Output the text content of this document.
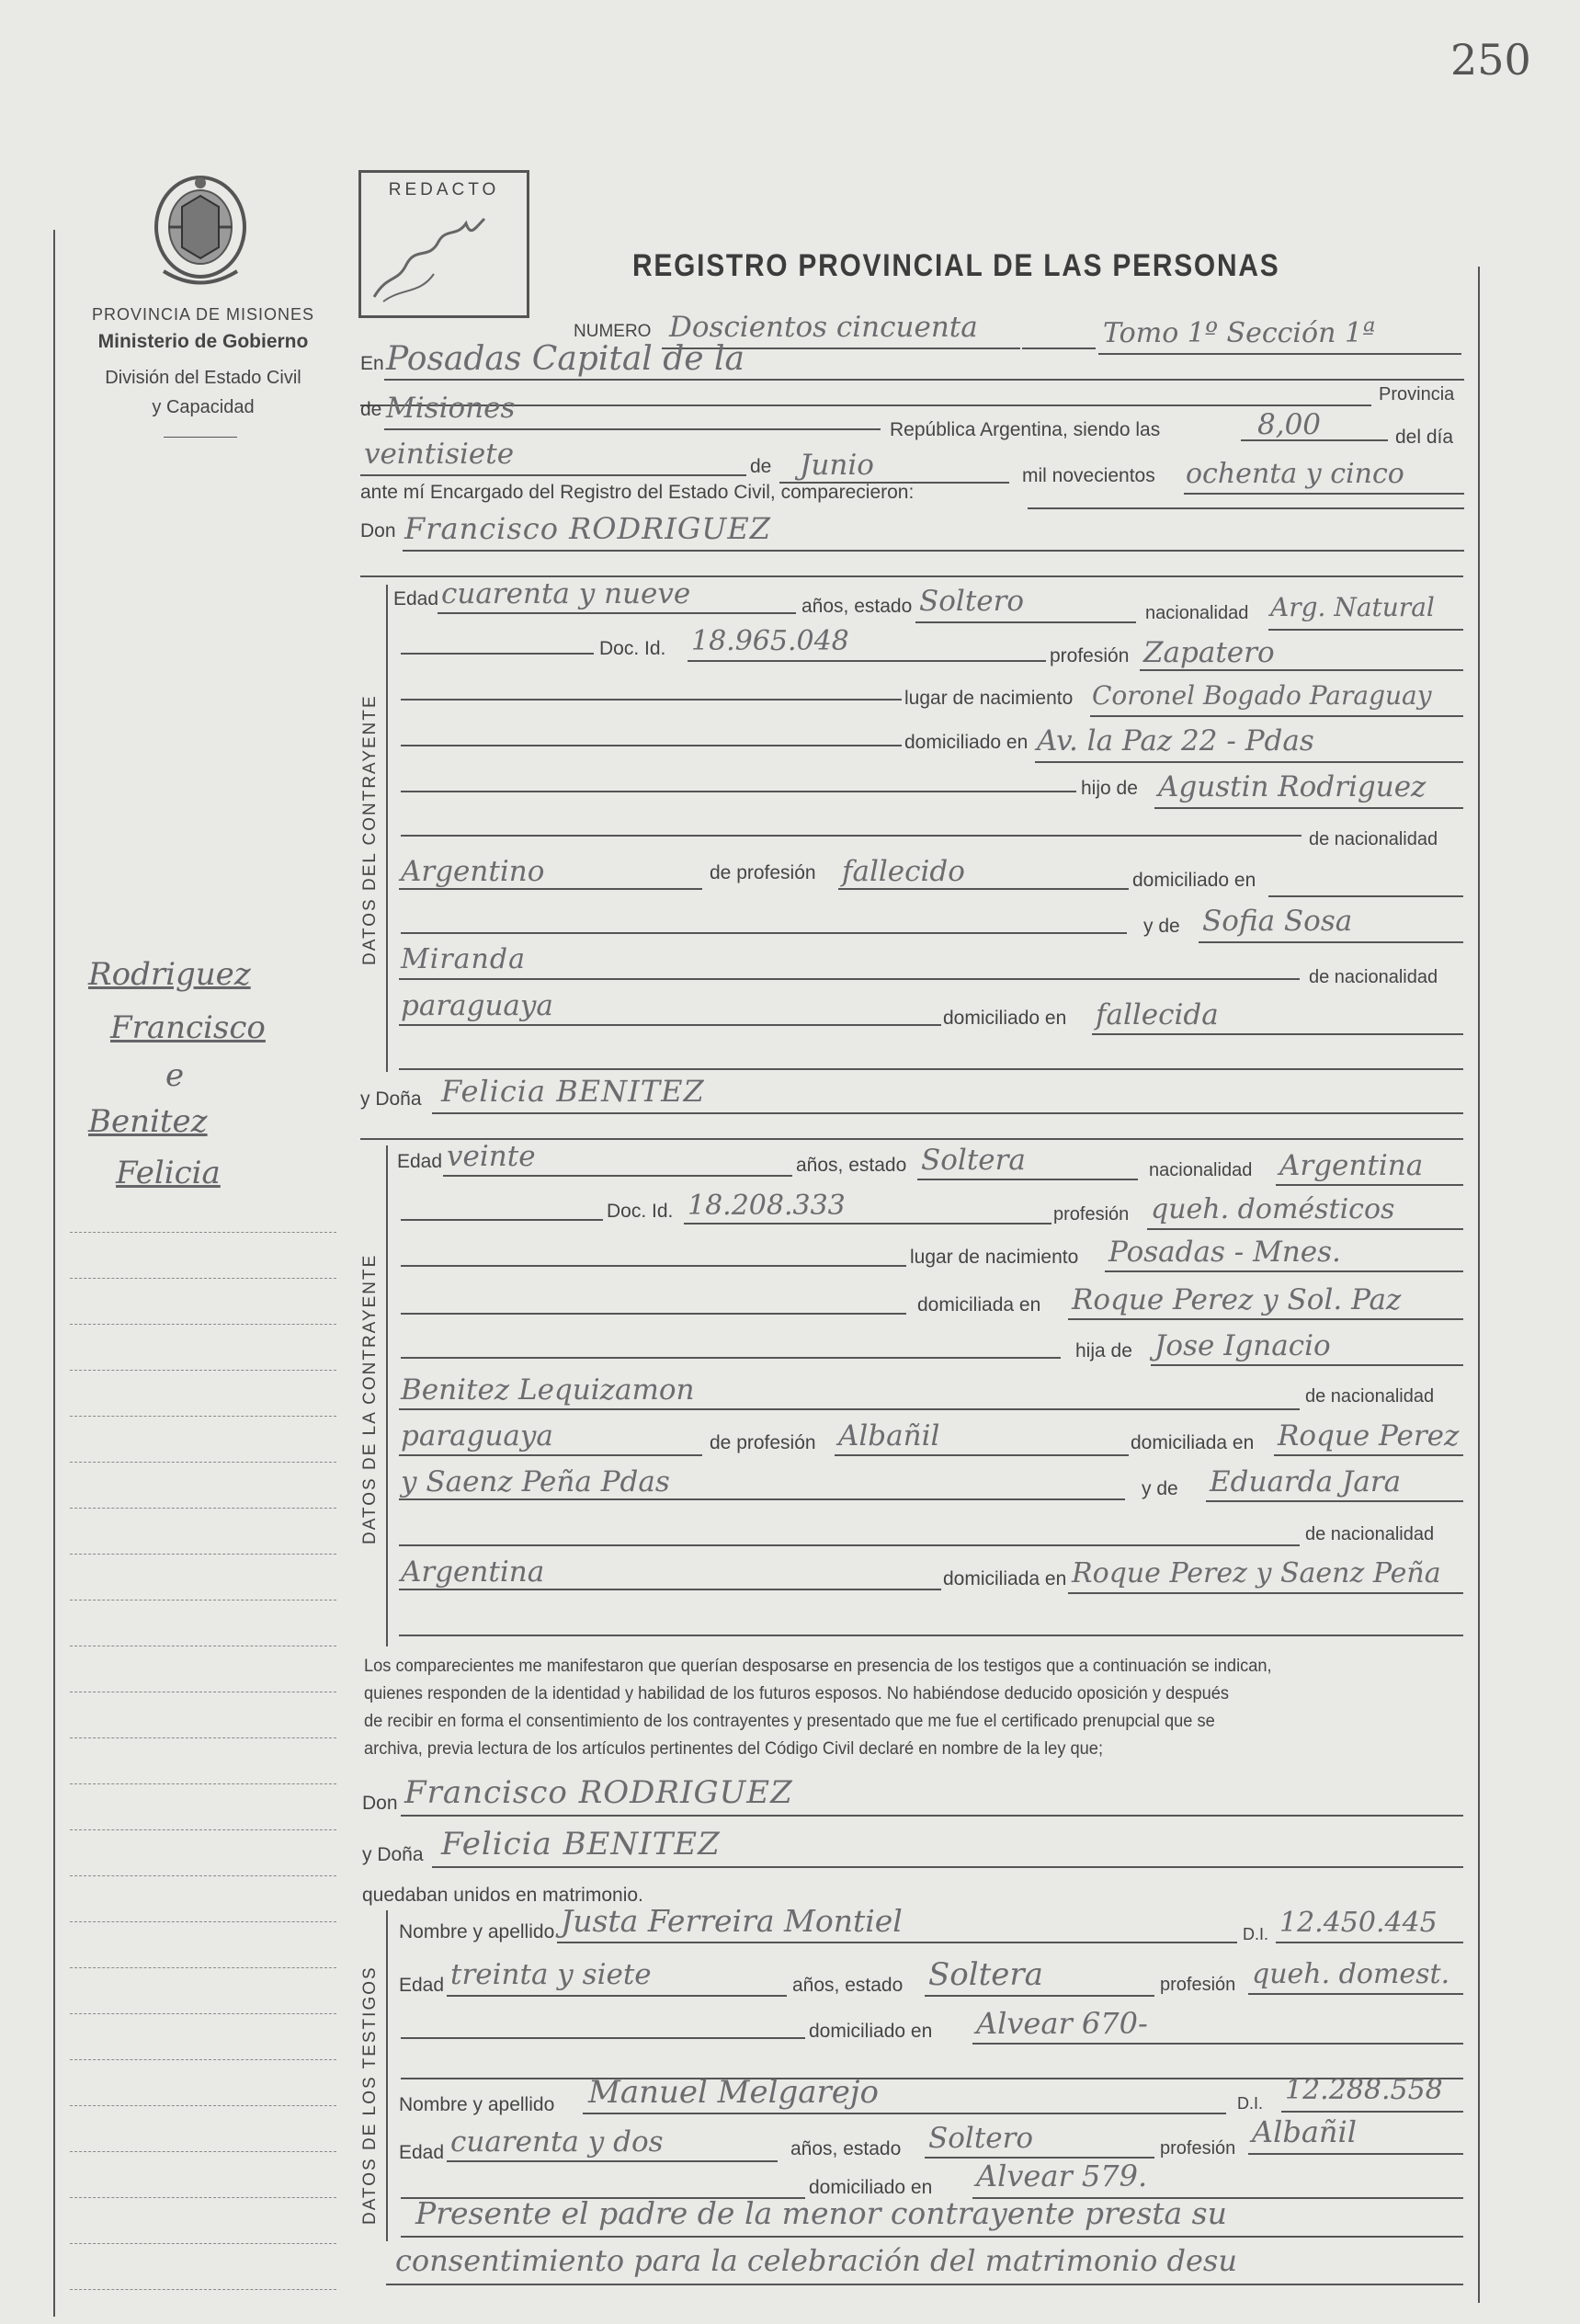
250
PROVINCIA DE MISIONES
Ministerio de Gobierno
División del Estado Civil
y Capacidad
Rodriguez
Francisco
e
Benitez
Felicia
REDACTO
REGISTRO PROVINCIAL DE LAS PERSONAS
NUMERO Doscientos cincuenta	Tomo 1º Sección 1ª
En Posadas Capital de la
Provincia
de Misiones
República Argentina, siendo las	8,00	del día
veintisiete	de Junio	mil novecientos ochenta y cinco
ante mí Encargado del Registro del Estado Civil, comparecieron:
Don Francisco RODRIGUEZ
DATOS DEL CONTRAYENTE
Edad cuarenta y nueve	años, estado Soltero	nacionalidad Arg. Natural
Doc. Id. 18.965.048	profesión Zapatero
lugar de nacimiento Coronel Bogado Paraguay
domiciliado en Av. la Paz 22 - Pdas
hijo de Agustin Rodriguez
de nacionalidad
Argentino	de profesión fallecido	domiciliado en
y de Sofia Sosa
Miranda
de nacionalidad
paraguaya	domiciliado en fallecida
y Doña Felicia BENITEZ
DATOS DE LA CONTRAYENTE
Edad veinte	años, estado Soltera	nacionalidad Argentina
Doc. Id. 18.208.333	profesión queh. domésticos
lugar de nacimiento Posadas - Mnes.
domiciliada en Roque Perez y Sol. Paz
hija de Jose Ignacio
Benitez Lequizamon	de nacionalidad
paraguaya	de profesión Albañil	domiciliada en Roque Perez
y Saenz Peña Pdas	y de Eduarda Jara
de nacionalidad
Argentina	domiciliada en Roque Perez y Saenz Peña
Los comparecientes me manifestaron que querían desposarse en presencia de los testigos que a continuación se indican,
quienes responden de la identidad y habilidad de los futuros esposos. No habiéndose deducido oposición y después
de recibir en forma el consentimiento de los contrayentes y presentado que me fue el certificado prenupcial que se
archiva, previa lectura de los artículos pertinentes del Código Civil declaré en nombre de la ley que;
Don Francisco RODRIGUEZ
y Doña Felicia BENITEZ
quedaban unidos en matrimonio.
DATOS DE LOS TESTIGOS
Nombre y apellido Justa Ferreira Montiel	D.I. 12.450.445
Edad treinta y siete	años, estado Soltera	profesión queh. domest.
domiciliado en Alvear 670-
Nombre y apellido Manuel Melgarejo	D.I. 12.288.558
Edad cuarenta y dos	años, estado Soltero	profesión Albañil
domiciliado en Alvear 579.
Presente el padre de la menor contrayente presta su
consentimiento para la celebración del matrimonio desu
